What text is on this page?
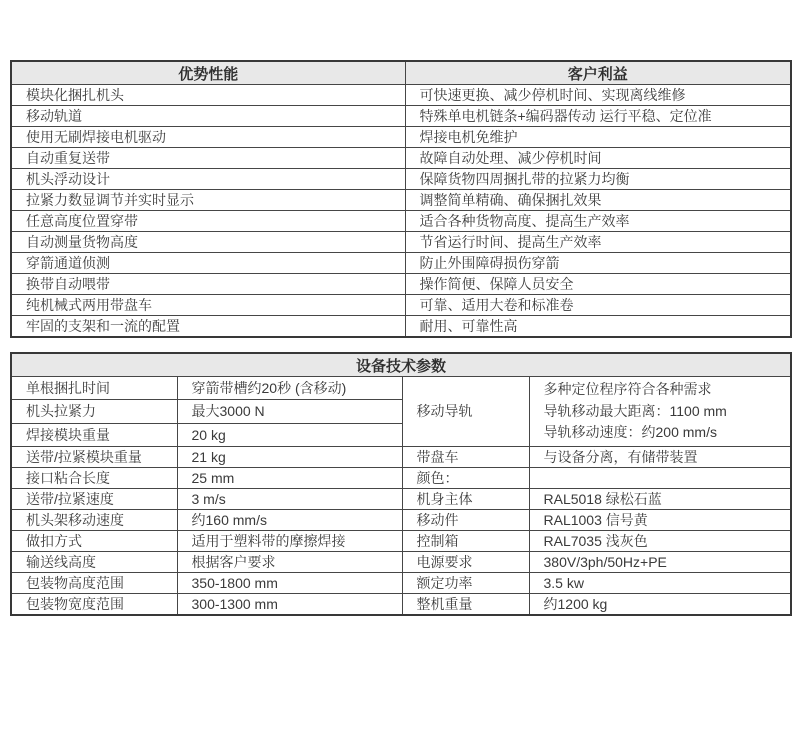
优势性能	客户利益
模块化捆扎机头	可快速更换、减少停机时间、实现离线维修
移动轨道	特殊单电机链条+编码器传动 运行平稳、定位准
使用无刷焊接电机驱动	焊接电机免维护
自动重复送带	故障自动处理、减少停机时间
机头浮动设计	保障货物四周捆扎带的拉紧力均衡
拉紧力数显调节并实时显示	调整简单精确、确保捆扎效果
任意高度位置穿带	适合各种货物高度、提高生产效率
自动测量货物高度	节省运行时间、提高生产效率
穿箭通道侦测	防止外围障碍损伤穿箭
换带自动喂带	操作简便、保障人员安全
纯机械式两用带盘车	可靠、适用大卷和标准卷
牢固的支架和一流的配置	耐用、可靠性高
设备技术参数			
单根捆扎时间	穿箭带槽约20秒 (含移动)	移动导轨	多种定位程序符合各种需求
导轨移动最大距离：1100 mm
导轨移动速度：约200 mm/s

机头拉紧力	最大3000 N		
焊接模块重量	20 kg		
送带/拉紧模块重量	21 kg	带盘车	与设备分离，有储带装置
接口粘合长度	25 mm	颜色：	
送带/拉紧速度	3 m/s	机身主体	RAL5018 绿松石蓝
机头架移动速度	约160 mm/s	移动件	RAL1003 信号黄
做扣方式	适用于塑料带的摩擦焊接	控制箱	RAL7035 浅灰色
输送线高度	根据客户要求	电源要求	380V/3ph/50Hz+PE
包装物高度范围	350-1800 mm	额定功率	3.5 kw
包装物宽度范围	300-1300 mm	整机重量	约1200 kg
